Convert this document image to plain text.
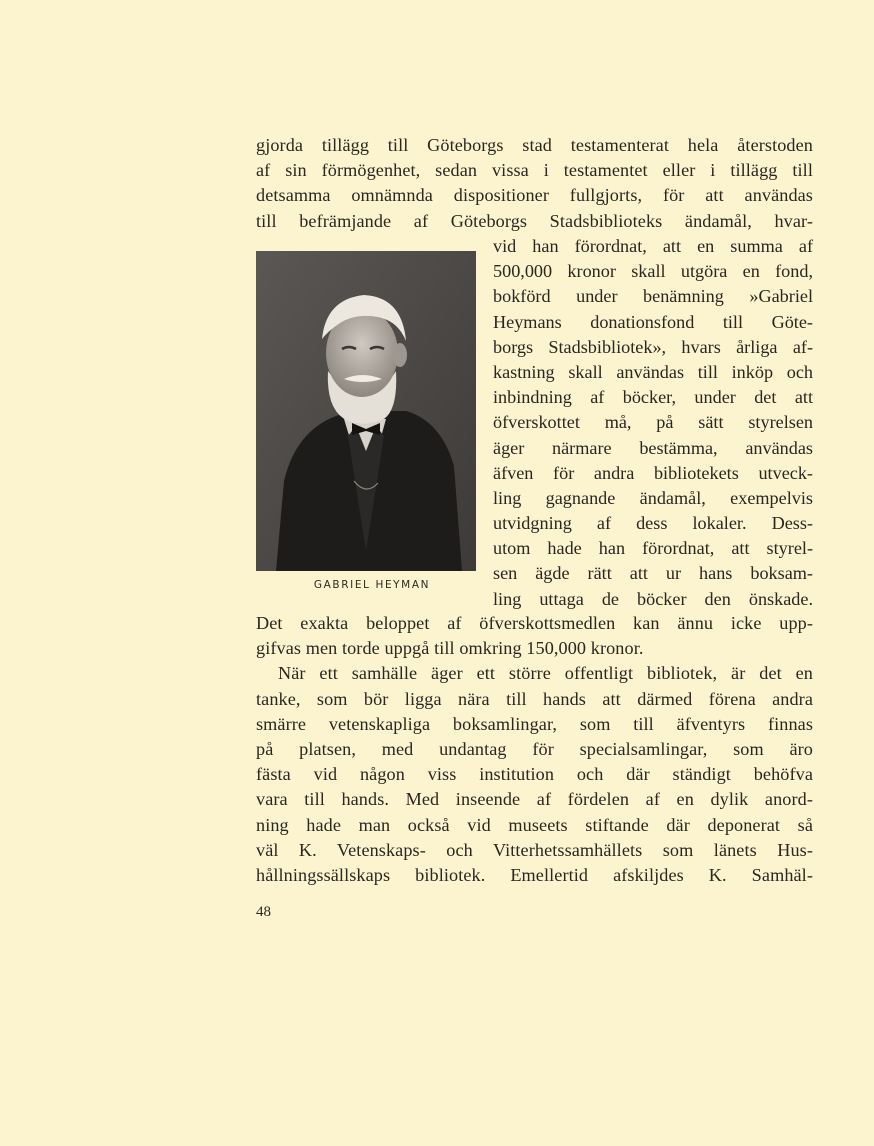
gjorda tillägg till Göteborgs stad testamenterat hela återstoden
af sin förmögenhet, sedan vissa i testamentet eller i tillägg till
detsamma omnämnda dispositioner fullgjorts, för att användas
till befrämjande af Göteborgs Stadsbiblioteks ändamål, hvar-
GABRIEL HEYMAN
vid han förordnat, att en summa af
500,000 kronor skall utgöra en fond,
bokförd under benämning »Gabriel
Heymans donationsfond till Göte-
borgs Stadsbibliotek», hvars årliga af-
kastning skall användas till inköp och
inbindning af böcker, under det att
öfverskottet må, på sätt styrelsen
äger närmare bestämma, användas
äfven för andra bibliotekets utveck-
ling gagnande ändamål, exempelvis
utvidgning af dess lokaler. Dess-
utom hade han förordnat, att styrel-
sen ägde rätt att ur hans boksam-
ling uttaga de böcker den önskade.
Det exakta beloppet af öfverskottsmedlen kan ännu icke upp-
gifvas men torde uppgå till omkring 150,000 kronor.
När ett samhälle äger ett större offentligt bibliotek, är det en
tanke, som bör ligga nära till hands att därmed förena andra
smärre vetenskapliga boksamlingar, som till äfventyrs finnas
på platsen, med undantag för specialsamlingar, som äro
fästa vid någon viss institution och där ständigt behöfva
vara till hands. Med inseende af fördelen af en dylik anord-
ning hade man också vid museets stiftande där deponerat så
väl K. Vetenskaps- och Vitterhetssamhällets som länets Hus-
hållningssällskaps bibliotek. Emellertid afskiljdes K. Samhäl-
48
